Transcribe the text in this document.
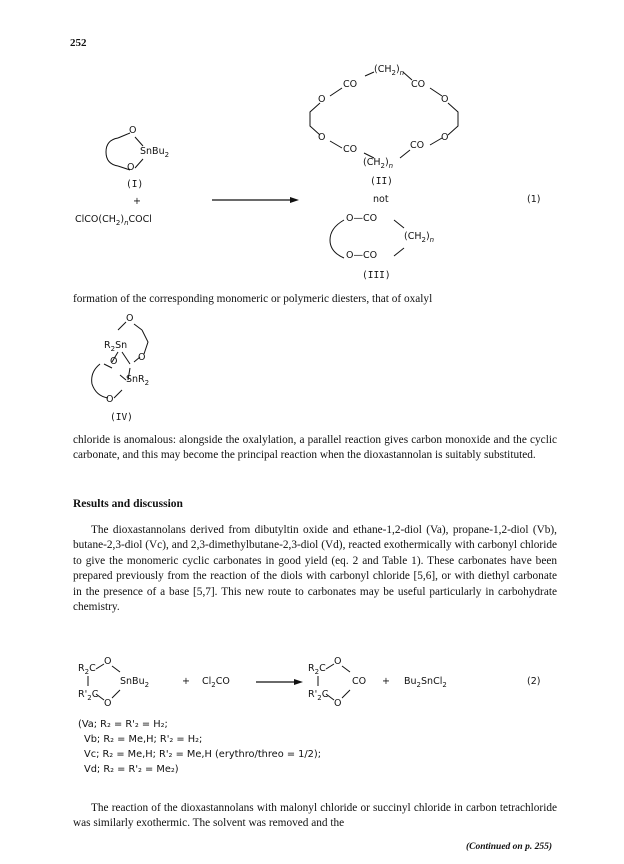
252
O
SnBu$_2$
O
(I)
+
$ClCO(CH_2)_nCOCl$
$(CH_2)_n$
CO	CO
O	O
O	O
CO	CO
$(CH_2)_n$
(II)
not	(1)
O—CO
$(CH_2)_n$
O—CO
(III)
formation of the corresponding monomeric or polymeric diesters, that of oxalyl
O
$R_2Sn$
O
O
SnR$_2$
O
(IV)
chloride is anomalous: alongside the oxalylation, a parallel reaction gives carbon monoxide and the cyclic carbonate, and this may become the principal reaction when the dioxastannolan is suitably substituted.
Results and discussion
The dioxastannolans derived from dibutyltin oxide and ethane-1,2-diol (Va), propane-1,2-diol (Vb), butane-2,3-diol (Vc), and 2,3-dimethylbutane-2,3-diol (Vd), reacted exothermically with carbonyl chloride to give the monomeric cyclic carbonates in good yield (eq. 2 and Table 1). These carbonates have been prepared previously from the reaction of the diols with carbonyl chloride [5,6], or with diethyl carbonate in the presence of a base [5,7]. This new route to carbonates may be useful particularly in carbohydrate chemistry.
$R_2C$
O
SnBu$_2$
$R'_2C$
O
+ $Cl_2CO$
$R_2C$
O
CO
$R'_2C$
O
+ $Bu_2SnCl_2$	(2)
(Va; R₂ = R'₂ = H₂;
Vb; R₂ = Me,H; R'₂ = H₂;
Vc; R₂ = Me,H; R'₂ = Me,H (erythro/threo = 1/2);
Vd; R₂ = R'₂ = Me₂)
The reaction of the dioxastannolans with malonyl chloride or succinyl chloride in carbon tetrachloride was similarly exothermic. The solvent was removed and the
(Continued on p. 255)
